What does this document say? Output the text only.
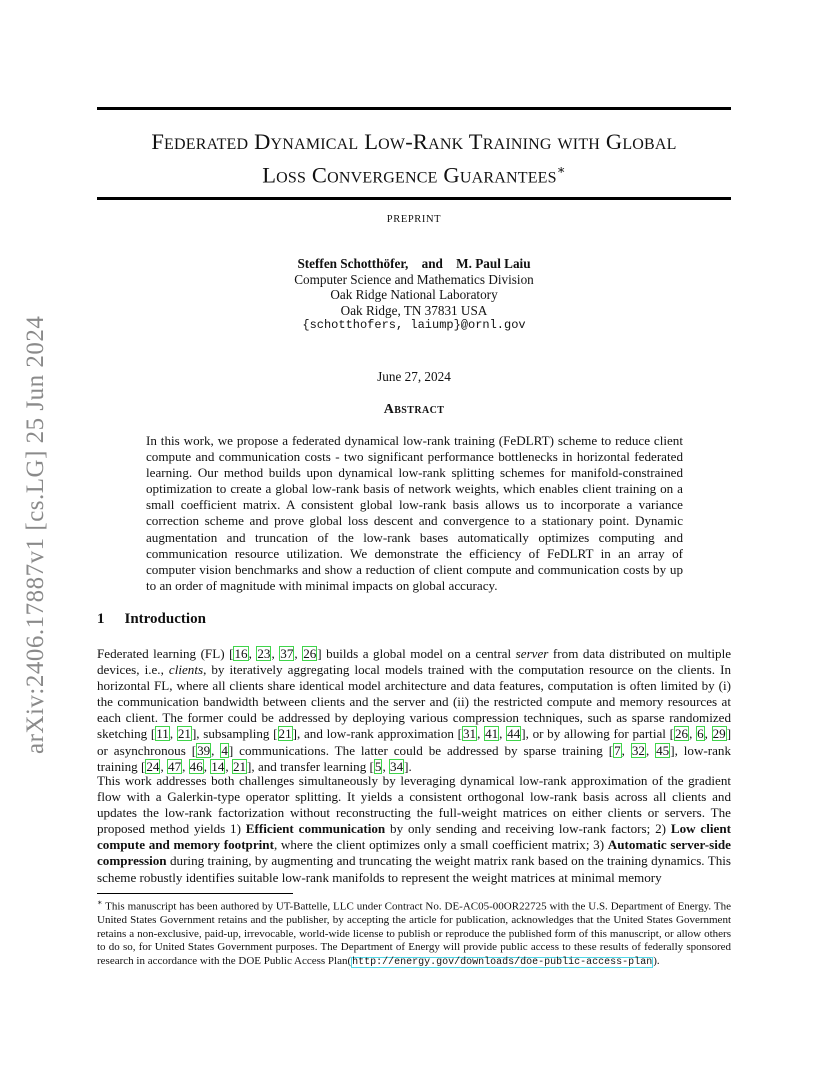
arXiv:2406.17887v1 [cs.LG] 25 Jun 2024
Federated Dynamical Low-Rank Training with Global
Loss Convergence Guarantees∗
PREPRINT
Steffen Schotthöfer, and M. Paul Laiu
Computer Science and Mathematics Division
Oak Ridge National Laboratory
Oak Ridge, TN 37831 USA
{schotthofers, laiump}@ornl.gov
June 27, 2024
Abstract

In this work, we propose a federated dynamical low-rank training (FeDLRT) scheme to reduce client compute and communication costs - two significant performance bottlenecks in horizontal federated learning. Our method builds upon dynamical low-rank splitting schemes for manifold-constrained optimization to create a global low-rank basis of network weights, which enables client training on a small coefficient matrix. A consistent global low-rank basis allows us to incorporate a variance correction scheme and prove global loss descent and convergence to a stationary point. Dynamic augmentation and truncation of the low-rank bases automatically optimizes computing and communication resource utilization. We demonstrate the efficiency of FeDLRT in an array of computer vision benchmarks and show a reduction of client compute and communication costs by up to an order of magnitude with minimal impacts on global accuracy.

1 Introduction

Federated learning (FL) [16, 23, 37, 26] builds a global model on a central server from data distributed on multiple devices, i.e., clients, by iteratively aggregating local models trained with the computation resource on the clients. In horizontal FL, where all clients share identical model architecture and data features, computation is often limited by (i) the communication bandwidth between clients and the server and (ii) the restricted compute and memory resources at each client. The former could be addressed by deploying various compression techniques, such as sparse randomized sketching [11, 21], subsampling [21], and low-rank approximation [31, 41, 44], or by allowing for partial [26, 6, 29] or asynchronous [39, 4] communications. The latter could be addressed by sparse training [7, 32, 45], low-rank training [24, 47, 46, 14, 21], and transfer learning [5, 34].

This work addresses both challenges simultaneously by leveraging dynamical low-rank approximation of the gradient flow with a Galerkin-type operator splitting. It yields a consistent orthogonal low-rank basis across all clients and updates the low-rank factorization without reconstructing the full-weight matrices on either clients or servers. The proposed method yields 1) Efficient communication by only sending and receiving low-rank factors; 2) Low client compute and memory footprint, where the client optimizes only a small coefficient matrix; 3) Automatic server-side compression during training, by augmenting and truncating the weight matrix rank based on the training dynamics. This scheme robustly identifies suitable low-rank manifolds to represent the weight matrices at minimal memory

∗ This manuscript has been authored by UT-Battelle, LLC under Contract No. DE-AC05-00OR22725 with the U.S. Department of Energy. The United States Government retains and the publisher, by accepting the article for publication, acknowledges that the United States Government retains a non-exclusive, paid-up, irrevocable, world-wide license to publish or reproduce the published form of this manuscript, or allow others to do so, for United States Government purposes. The Department of Energy will provide public access to these results of federally sponsored research in accordance with the DOE Public Access Plan(http://energy.gov/downloads/doe-public-access-plan).
